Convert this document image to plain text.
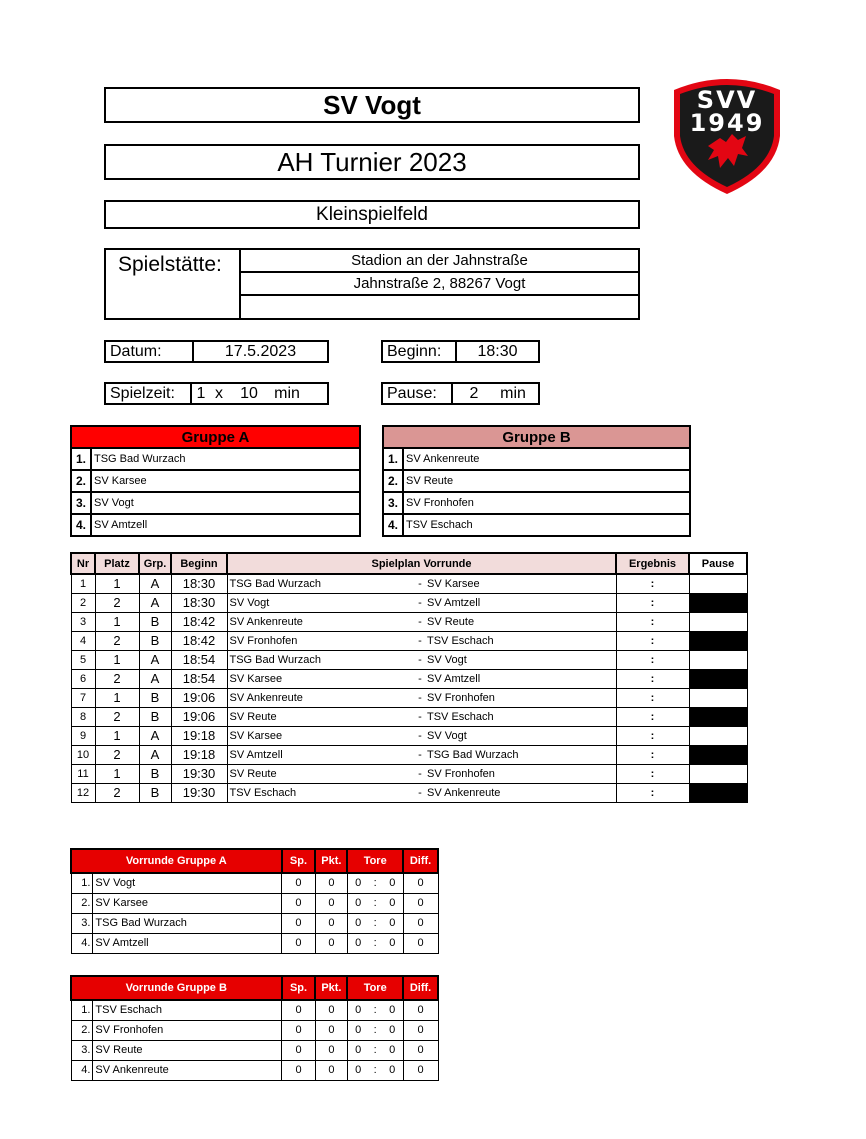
SV Vogt
AH Turnier 2023
Kleinspielfeld
SVV
1949
Spielstätte:	Stadion an der Jahnstraße
Jahnstraße 2, 88267 Vogt
Datum:	17.5.2023	Beginn:	18:30
Spielzeit:	1 x	10	min	Pause:	2	min
Gruppe A
1. TSG Bad Wurzach
2. SV Karsee
3. SV Vogt
4. SV Amtzell
Gruppe B
1. SV Ankenreute
2. SV Reute
3. SV Fronhofen
4. TSV Eschach
Nr	Platz	Grp.	Beginn	Spielplan Vorrunde			Ergebnis	Pause
1	1	A	18:30	TSG Bad Wurzach	-	SV Karsee	:	
2	2	A	18:30	SV Vogt	-	SV Amtzell	:	
3	1	B	18:42	SV Ankenreute	-	SV Reute	:	
4	2	B	18:42	SV Fronhofen	-	TSV Eschach	:	
5	1	A	18:54	TSG Bad Wurzach	-	SV Vogt	:	
6	2	A	18:54	SV Karsee	-	SV Amtzell	:	
7	1	B	19:06	SV Ankenreute	-	SV Fronhofen	:	
8	2	B	19:06	SV Reute	-	TSV Eschach	:	
9	1	A	19:18	SV Karsee	-	SV Vogt	:	
10	2	A	19:18	SV Amtzell	-	TSG Bad Wurzach	:	
11	1	B	19:30	SV Reute	-	SV Fronhofen	:	
12	2	B	19:30	TSV Eschach	-	SV Ankenreute	:	
Vorrunde Gruppe A		Sp.	Pkt.	Tore	Diff.
1.	SV Vogt	0	0	0 : 0	0
2.	SV Karsee	0	0	0 : 0	0
3.	TSG Bad Wurzach	0	0	0 : 0	0
4.	SV Amtzell	0	0	0 : 0	0
Vorrunde Gruppe B		Sp.	Pkt.	Tore	Diff.
1.	TSV Eschach	0	0	0 : 0	0
2.	SV Fronhofen	0	0	0 : 0	0
3.	SV Reute	0	0	0 : 0	0
4.	SV Ankenreute	0	0	0 : 0	0
